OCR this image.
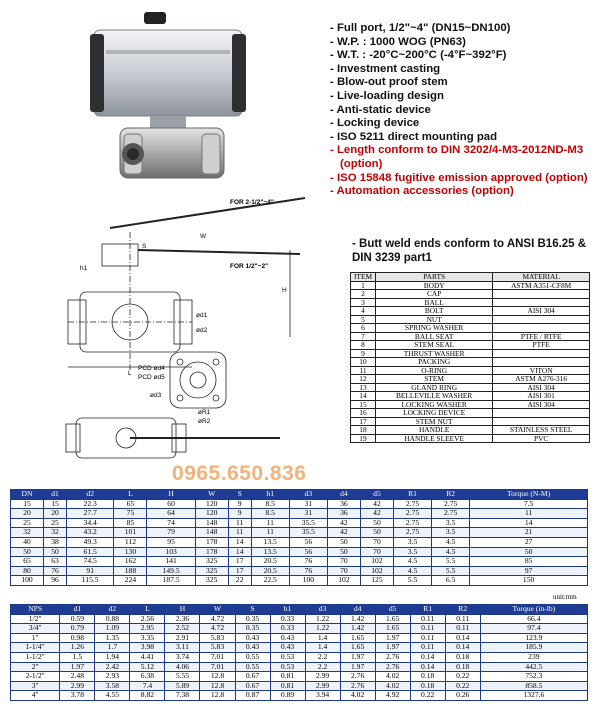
- Full port, 1/2"~4" (DN15~DN100)
- W.P. : 1000 WOG (PN63)
- W.T. : -20°C~200°C (-4°F~392°F)
- Investment casting
- Blow-out proof stem
- Live-loading design
- Anti-static device
- Locking device
- ISO 5211 direct mounting pad
- Length conform to DIN 3202/4-M3-2012ND-M3 (option)
- ISO 15848 fugitive emission approved (option)
- Automation accessories (option)
- Butt weld ends conform to ANSI B16.25 & DIN 3239 part1
FOR 2-1/2"~4"
FOR 1/2"~2"
W
H
L
ød1
ød2
h1
S
PCD ød4
PCD ød5
ød3
øR1
øR2
ITEM	PARTS	MATERIAL
1	BODY	ASTM A351-CF8M
2	CAP	
3	BALL	
4	BOLT	AISI 304
5	NUT	
6	SPRING WASHER	
7	BALL SEAT	PTFE / RTFE
8	STEM SEAL	PTFE
9	THRUST WASHER	
10	PACKING	
11	O-RING	VITON
12	STEM	ASTM A276-316
13	GLAND RING	AISI 304
14	BELLEVILLE WASHER	AISI 301
15	LOCKING WASHER	AISI 304
16	LOCKING DEVICE	
17	STEM NUT	
18	HANDLE	STAINLESS STEEL
19	HANDLE SLEEVE	PVC
0965.650.836
DN	d1	d2	L	H	W	S	h1	d3	d4	d5	R1	R2	Torque (N-M)
15	15	22.3	65	60	120	9	8.5	31	36	42	2.75	2.75	7.5
20	20	27.7	75	64	120	9	8.5	31	36	42	2.75	2.75	11
25	25	34.4	85	74	148	11	11	35.5	42	50	2.75	3.5	14
32	32	43.2	101	79	148	11	11	35.5	42	50	2.75	3.5	21
40	38	49.3	112	95	178	14	13.5	56	50	70	3.5	4.5	27
50	50	61.5	130	103	178	14	13.5	56	50	70	3.5	4.5	50
65	63	74.5	162	141	325	17	20.5	76	70	102	4.5	5.5	85
80	76	91	188	149.5	325	17	20.5	76	70	102	4.5	5.5	97
100	96	115.5	224	187.5	325	22	22.5	100	102	125	5.5	6.5	150
unit:mm
NPS	d1	d2	L	H	W	S	h1	d3	d4	d5	R1	R2	Torque (in-lb)
1/2"	0.59	0.88	2.56	2.36	4.72	0.35	0.33	1.22	1.42	1.65	0.11	0.11	66.4
3/4"	0.79	1.09	2.95	2.52	4.72	0.35	0.33	1.22	1.42	1.65	0.11	0.11	97.4
1"	0.98	1.35	3.35	2.91	5.83	0.43	0.43	1.4	1.65	1.97	0.11	0.14	123.9
1-1/4"	1.26	1.7	3.98	3.11	5.83	0.43	0.43	1.4	1.65	1.97	0.11	0.14	185.9
1-1/2"	1.5	1.94	4.41	3.74	7.01	0.55	0.53	2.2	1.97	2.76	0.14	0.18	239
2"	1.97	2.42	5.12	4.06	7.01	0.55	0.53	2.2	1.97	2.76	0.14	0.18	442.5
2-1/2"	2.48	2.93	6.38	5.55	12.8	0.67	0.81	2.99	2.76	4.02	0.18	0.22	752.3
3"	2.99	3.58	7.4	5.89	12.8	0.67	0.81	2.99	2.76	4.02	0.18	0.22	858.5
4"	3.78	4.55	8.82	7.38	12.8	0.87	0.89	3.94	4.02	4.92	0.22	0.26	1327.6
